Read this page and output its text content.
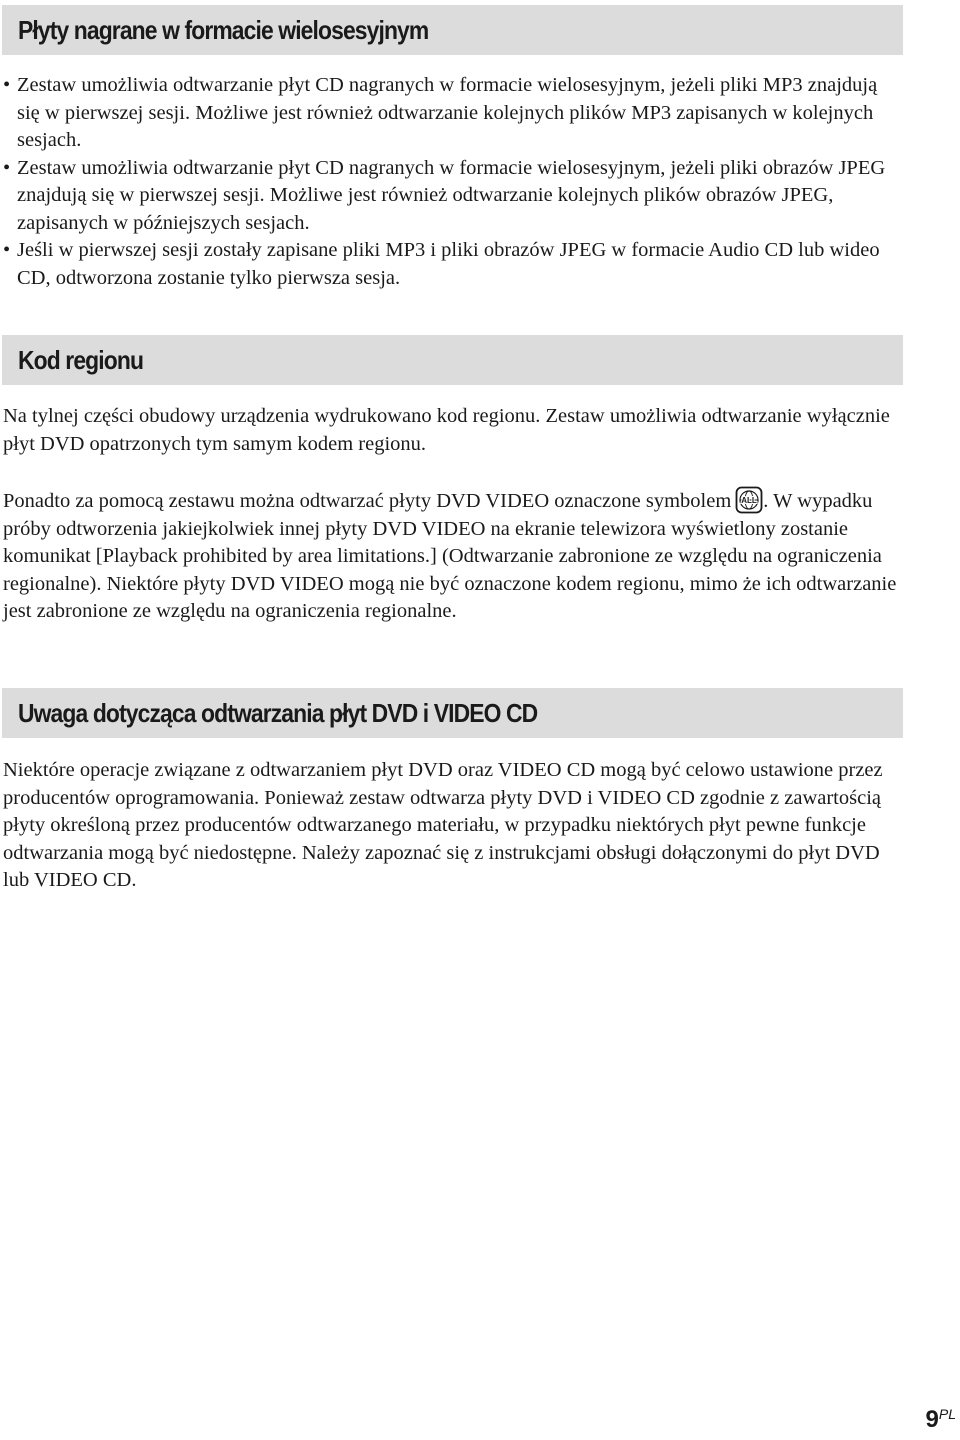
Płyty nagrane w formacie wielosesyjnym
• Zestaw umożliwia odtwarzanie płyt CD nagranych w formacie wielosesyjnym, jeżeli pliki MP3 znajdują się w pierwszej sesji. Możliwe jest również odtwarzanie kolejnych plików MP3 zapisanych w kolejnych sesjach.
• Zestaw umożliwia odtwarzanie płyt CD nagranych w formacie wielosesyjnym, jeżeli pliki obrazów JPEG znajdują się w pierwszej sesji. Możliwe jest również odtwarzanie kolejnych plików obrazów JPEG, zapisanych w późniejszych sesjach.
• Jeśli w pierwszej sesji zostały zapisane pliki MP3 i pliki obrazów JPEG w formacie Audio CD lub wideo CD, odtworzona zostanie tylko pierwsza sesja.
Kod regionu

Na tylnej części obudowy urządzenia wydrukowano kod regionu. Zestaw umożliwia odtwarzanie wyłącznie płyt DVD opatrzonych tym samym kodem regionu.

Ponadto za pomocą zestawu można odtwarzać płyty DVD VIDEO oznaczone symbolem ALL . W wypadku próby odtworzenia jakiejkolwiek innej płyty DVD VIDEO na ekranie telewizora wyświetlony zostanie komunikat [Playback prohibited by area limitations.] (Odtwarzanie zabronione ze względu na ograniczenia regionalne). Niektóre płyty DVD VIDEO mogą nie być oznaczone kodem regionu, mimo że ich odtwarzanie jest zabronione ze względu na ograniczenia regionalne.

Uwaga dotycząca odtwarzania płyt DVD i VIDEO CD

Niektóre operacje związane z odtwarzaniem płyt DVD oraz VIDEO CD mogą być celowo ustawione przez producentów oprogramowania. Ponieważ zestaw odtwarza płyty DVD i VIDEO CD zgodnie z zawartością płyty określoną przez producentów odtwarzanego materiału, w przypadku niektórych płyt pewne funkcje odtwarzania mogą być niedostępne. Należy zapoznać się z instrukcjami obsługi dołączonymi do płyt DVD lub VIDEO CD.

9PL
